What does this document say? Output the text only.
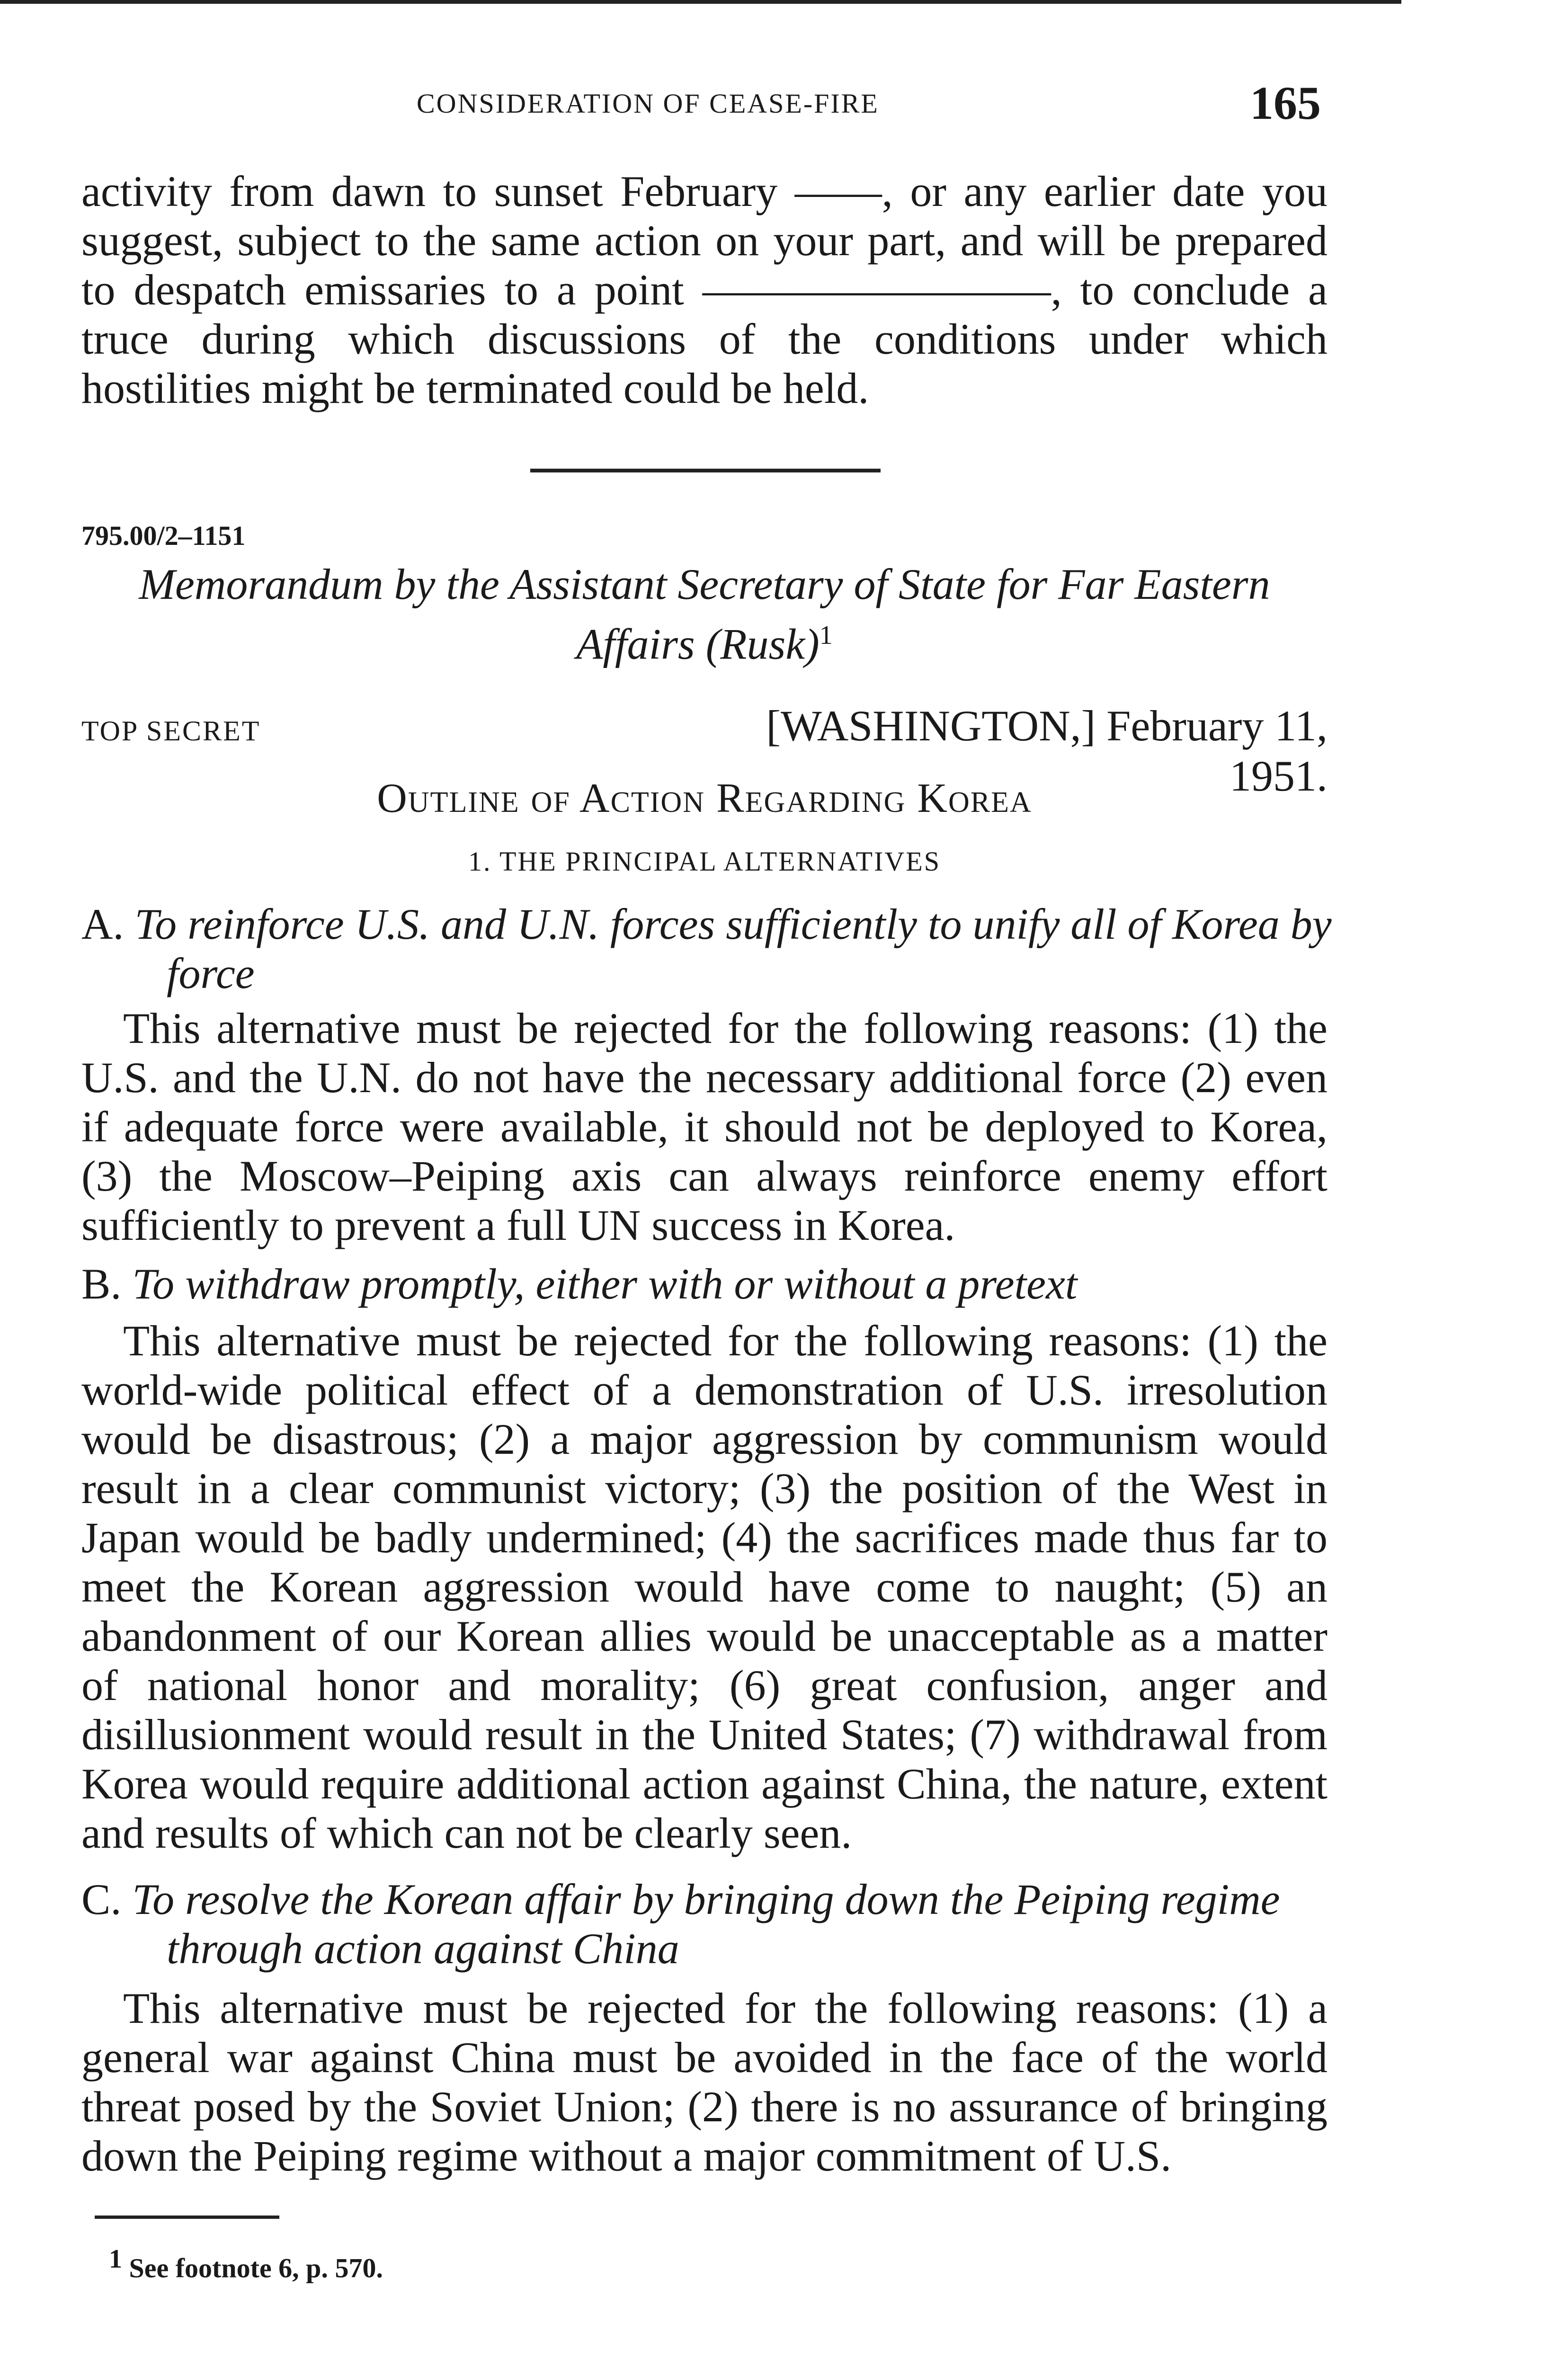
CONSIDERATION OF CEASE-FIRE	165

activity from dawn to sunset February ——, or any earlier date you suggest, subject to the same action on your part, and will be prepared to despatch emissaries to a point ————————, to conclude a truce during which discussions of the conditions under which hostilities might be terminated could be held.

795.00/2–1151

Memorandum by the Assistant Secretary of State for Far Eastern Affairs (Rusk)$^1$

TOP SECRET	[WASHINGTON,] February 11, 1951.

Outline of Action Regarding Korea

1. THE PRINCIPAL ALTERNATIVES

A. To reinforce U.S. and U.N. forces sufficiently to unify all of Korea by force

This alternative must be rejected for the following reasons: (1) the U.S. and the U.N. do not have the necessary additional force (2) even if adequate force were available, it should not be deployed to Korea, (3) the Moscow–Peiping axis can always reinforce enemy effort sufficiently to prevent a full UN success in Korea.

B. To withdraw promptly, either with or without a pretext

This alternative must be rejected for the following reasons: (1) the world-wide political effect of a demonstration of U.S. irresolution would be disastrous; (2) a major aggression by communism would result in a clear communist victory; (3) the position of the West in Japan would be badly undermined; (4) the sacrifices made thus far to meet the Korean aggression would have come to naught; (5) an abandonment of our Korean allies would be unacceptable as a matter of national honor and morality; (6) great confusion, anger and disillusionment would result in the United States; (7) withdrawal from Korea would require additional action against China, the nature, extent and results of which can not be clearly seen.

C. To resolve the Korean affair by bringing down the Peiping regime through action against China

This alternative must be rejected for the following reasons: (1) a general war against China must be avoided in the face of the world threat posed by the Soviet Union; (2) there is no assurance of bringing down the Peiping regime without a major commitment of U.S.

1 See footnote 6, p. 570.
